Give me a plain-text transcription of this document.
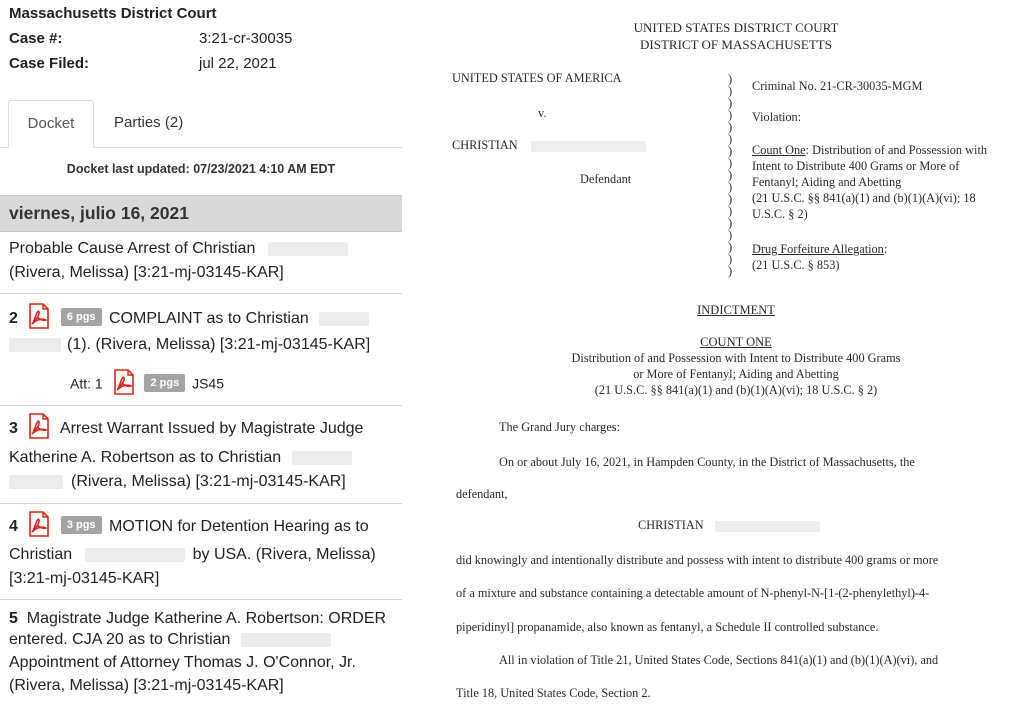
Massachusetts District Court
Case #:	3:21-cr-30035
Case Filed:	jul 22, 2021
Docket	Parties (2)
Docket last updated: 07/23/2021 4:10 AM EDT
viernes, julio 16, 2021
Probable Cause Arrest of Christian
(Rivera, Melissa) [3:21-mj-03145-KAR]
2	6 pgs COMPLAINT as to Christian
(1). (Rivera, Melissa) [3:21-mj-03145-KAR]
Att: 1	2 pgs JS45
3	Arrest Warrant Issued by Magistrate Judge
Katherine A. Robertson as to Christian
(Rivera, Melissa) [3:21-mj-03145-KAR]
4	3 pgs MOTION for Detention Hearing as to
Christian	by USA. (Rivera, Melissa)
[3:21-mj-03145-KAR]
5 Magistrate Judge Katherine A. Robertson: ORDER
entered. CJA 20 as to Christian
Appointment of Attorney Thomas J. O'Connor, Jr.
(Rivera, Melissa) [3:21-mj-03145-KAR]
UNITED STATES DISTRICT COURT
DISTRICT OF MASSACHUSETTS
UNITED STATES OF AMERICA
v.
CHRISTIAN
Defendant
)
)
)
)
)
)
)
)
)
)
)
)
)
)
)
)
)
Criminal No. 21-CR-30035-MGM
Violation:
Count One: Distribution of and Possession with
Intent to Distribute 400 Grams or More of
Fentanyl; Aiding and Abetting
(21 U.S.C. §§ 841(a)(1) and (b)(1)(A)(vi); 18
U.S.C. § 2)
Drug Forfeiture Allegation:
(21 U.S.C. § 853)
INDICTMENT
COUNT ONE
Distribution of and Possession with Intent to Distribute 400 Grams
or More of Fentanyl; Aiding and Abetting
(21 U.S.C. §§ 841(a)(1) and (b)(1)(A)(vi); 18 U.S.C. § 2)
The Grand Jury charges:
On or about July 16, 2021, in Hampden County, in the District of Massachusetts, the
defendant,
CHRISTIAN
did knowingly and intentionally distribute and possess with intent to distribute 400 grams or more
of a mixture and substance containing a detectable amount of N-phenyl-N-[1-(2-phenylethyl)-4-
piperidinyl] propanamide, also known as fentanyl, a Schedule II controlled substance.
All in violation of Title 21, United States Code, Sections 841(a)(1) and (b)(1)(A)(vi), and
Title 18, United States Code, Section 2.
